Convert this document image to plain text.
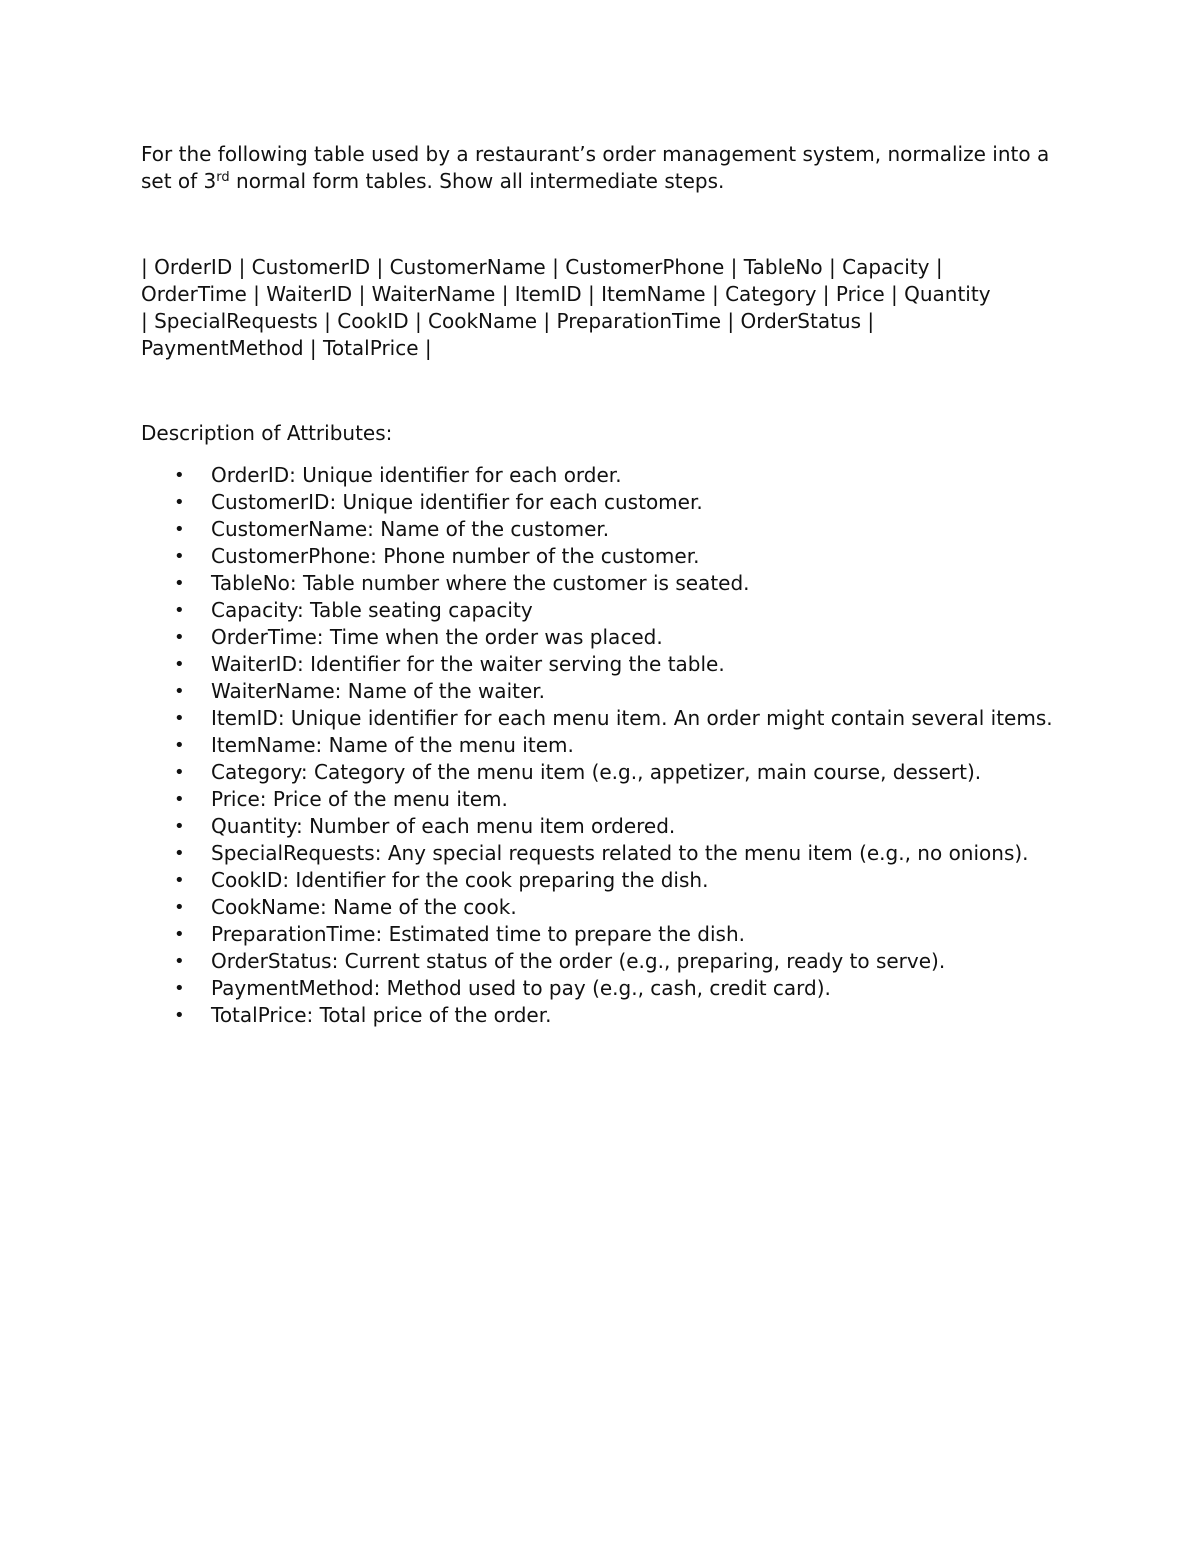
For the following table used by a restaurant’s order management system, normalize into a set of 3rd normal form tables. Show all intermediate steps.

| OrderID | CustomerID | CustomerName | CustomerPhone | TableNo | Capacity |
OrderTime | WaiterID | WaiterName | ItemID | ItemName | Category | Price | Quantity
| SpecialRequests | CookID | CookName | PreparationTime | OrderStatus |
PaymentMethod | TotalPrice |

Description of Attributes:
• OrderID: Unique identifier for each order.
• CustomerID: Unique identifier for each customer.
• CustomerName: Name of the customer.
• CustomerPhone: Phone number of the customer.
• TableNo: Table number where the customer is seated.
• Capacity: Table seating capacity
• OrderTime: Time when the order was placed.
• WaiterID: Identifier for the waiter serving the table.
• WaiterName: Name of the waiter.
• ItemID: Unique identifier for each menu item. An order might contain several items.
• ItemName: Name of the menu item.
• Category: Category of the menu item (e.g., appetizer, main course, dessert).
• Price: Price of the menu item.
• Quantity: Number of each menu item ordered.
• SpecialRequests: Any special requests related to the menu item (e.g., no onions).
• CookID: Identifier for the cook preparing the dish.
• CookName: Name of the cook.
• PreparationTime: Estimated time to prepare the dish.
• OrderStatus: Current status of the order (e.g., preparing, ready to serve).
• PaymentMethod: Method used to pay (e.g., cash, credit card).
• TotalPrice: Total price of the order.
